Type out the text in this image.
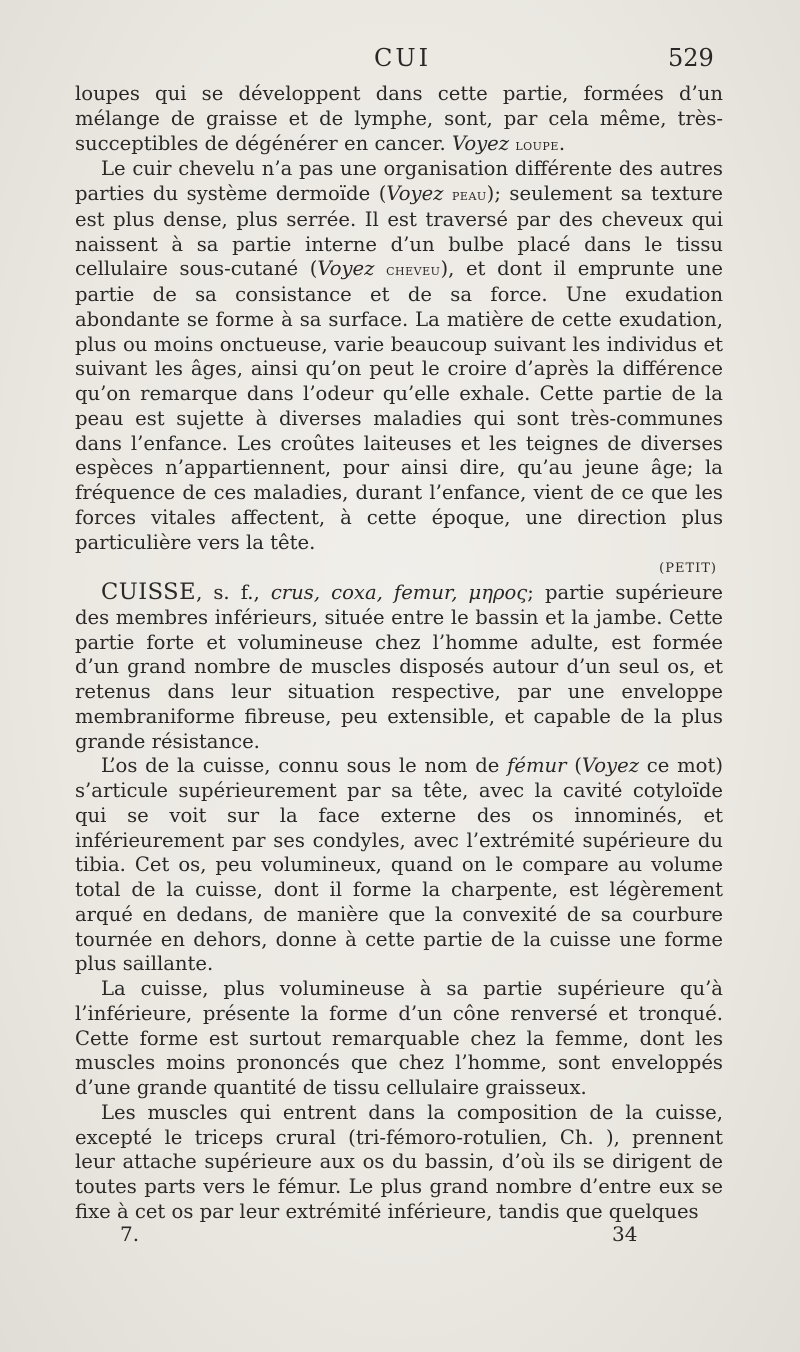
CUI	529

loupes qui se développent dans cette partie, formées d’un mélange de graisse et de lymphe, sont, par cela même, très-succeptibles de dégénérer en cancer. Voyez loupe.

Le cuir chevelu n’a pas une organisation différente des autres parties du système dermoïde (Voyez peau); seulement sa texture est plus dense, plus serrée. Il est traversé par des cheveux qui naissent à sa partie interne d’un bulbe placé dans le tissu cellulaire sous-cutané (Voyez cheveu), et dont il emprunte une partie de sa consistance et de sa force. Une exudation abondante se forme à sa surface. La matière de cette exudation, plus ou moins onctueuse, varie beaucoup suivant les individus et suivant les âges, ainsi qu’on peut le croire d’après la différence qu’on remarque dans l’odeur qu’elle exhale. Cette partie de la peau est sujette à diverses maladies qui sont très-communes dans l’enfance. Les croûtes laiteuses et les teignes de diverses espèces n’appartiennent, pour ainsi dire, qu’au jeune âge; la fréquence de ces maladies, durant l’enfance, vient de ce que les forces vitales affectent, à cette époque, une direction plus particulière vers la tête.

(PETIT)

CUISSE, s. f., crus, coxa, femur, μηρος; partie supérieure des membres inférieurs, située entre le bassin et la jambe. Cette partie forte et volumineuse chez l’homme adulte, est formée d’un grand nombre de muscles disposés autour d’un seul os, et retenus dans leur situation respective, par une enveloppe membraniforme fibreuse, peu extensible, et capable de la plus grande résistance.

L’os de la cuisse, connu sous le nom de fémur (Voyez ce mot) s’articule supérieurement par sa tête, avec la cavité cotyloïde qui se voit sur la face externe des os innominés, et inférieurement par ses condyles, avec l’extrémité supérieure du tibia. Cet os, peu volumineux, quand on le compare au volume total de la cuisse, dont il forme la charpente, est légèrement arqué en dedans, de manière que la convexité de sa courbure tournée en dehors, donne à cette partie de la cuisse une forme plus saillante.

La cuisse, plus volumineuse à sa partie supérieure qu’à l’inférieure, présente la forme d’un cône renversé et tronqué. Cette forme est surtout remarquable chez la femme, dont les muscles moins prononcés que chez l’homme, sont enveloppés d’une grande quantité de tissu cellulaire graisseux.

Les muscles qui entrent dans la composition de la cuisse, excepté le triceps crural (tri-fémoro-rotulien, Ch. ), prennent leur attache supérieure aux os du bassin, d’où ils se dirigent de toutes parts vers le fémur. Le plus grand nombre d’entre eux se fixe à cet os par leur extrémité inférieure, tandis que quelques

7.	34
